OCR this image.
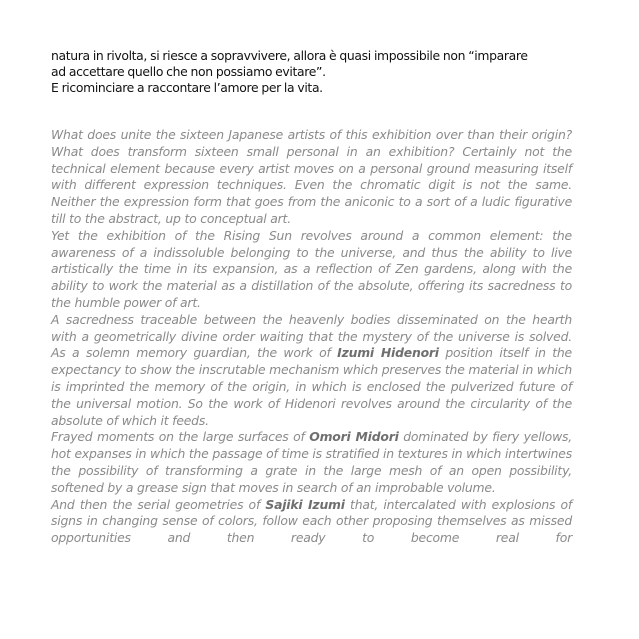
natura in rivolta, si riesce a sopravvivere, allora è quasi impossibile non “imparare
ad accettare quello che non possiamo evitare”.
E ricominciare a raccontare l’amore per la vita.

What does unite the sixteen Japanese artists of this exhibition over than their origin? What does transform sixteen small personal in an exhibition? Certainly not the technical element because every artist moves on a personal ground measuring itself with different expression techniques. Even the chromatic digit is not the same. Neither the expression form that goes from the aniconic to a sort of a ludic figurative till to the abstract, up to conceptual art.

Yet the exhibition of the Rising Sun revolves around a common element: the awareness of a indissoluble belonging to the universe, and thus the ability to live artistically the time in its expansion, as a reflection of Zen gardens, along with the ability to work the material as a distillation of the absolute, offering its sacredness to the humble power of art.

A sacredness traceable between the heavenly bodies disseminated on the hearth with a geometrically divine order waiting that the mystery of the universe is solved. As a solemn memory guardian, the work of Izumi Hidenori position itself in the expectancy to show the inscrutable mechanism which preserves the material in which is imprinted the memory of the origin, in which is enclosed the pulverized future of the universal motion. So the work of Hidenori revolves around the circularity of the absolute of which it feeds.

Frayed moments on the large surfaces of Omori Midori dominated by fiery yellows, hot expanses in which the passage of time is stratified in textures in which intertwines the possibility of transforming a grate in the large mesh of an open possibility, softened by a grease sign that moves in search of an improbable volume.

And then the serial geometries of Sajiki Izumi that, intercalated with explosions of signs in changing sense of colors, follow each other proposing themselves as missed opportunities and then ready to become real for
